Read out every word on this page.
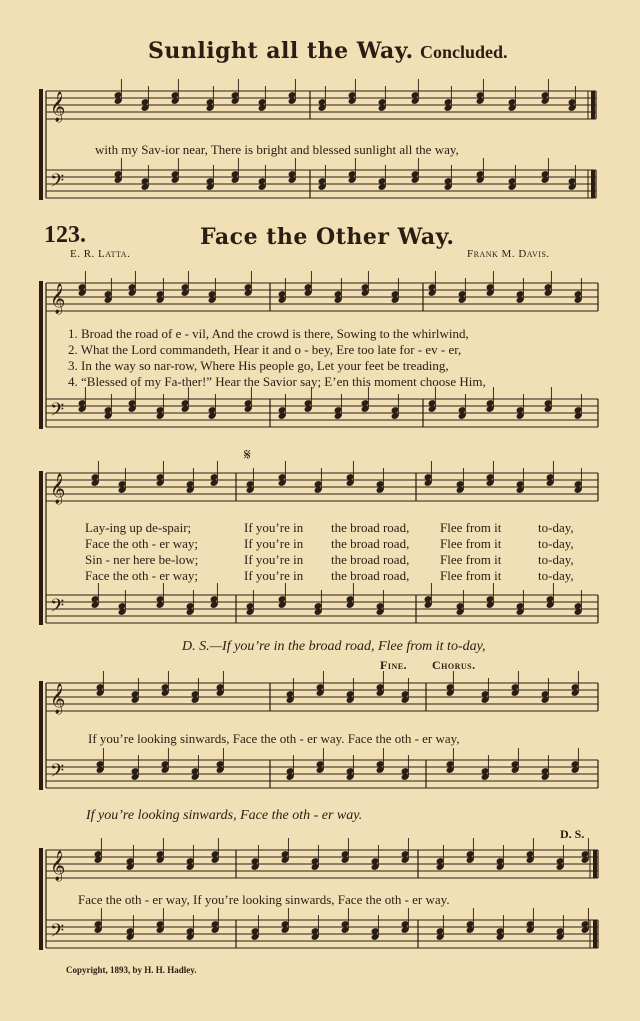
𝄞
𝄢
𝄞
𝄢
𝄞
𝄢
𝄞
𝄢
𝄞
𝄢
𝄋
Sunlight all the Way. Concluded.
with my Sav-ior near, There is bright and blessed sunlight all the way,
123.	Face the Other Way.
E. R. Latta.	Frank M. Davis.
1. Broad the road of e - vil, And the crowd is there, Sowing to the whirlwind,
2. What the Lord commandeth, Hear it and o - bey, Ere too late for - ev - er,
3. In the way so nar-row, Where His people go, Let your feet be treading,
4. “Blessed of my Fa-ther!” Hear the Savior say; E’en this moment choose Him,
Lay-ing up de-spair;	If you’re in the broad road, Flee from it	to-day,
Face the oth - er way;	If you’re in the broad road, Flee from it	to-day,
Sin - ner here be-low;	If you’re in the broad road, Flee from it	to-day,
Face the oth - er way;	If you’re in the broad road, Flee from it	to-day,
D. S.—If you’re in the broad road, Flee from it to-day,
Fine. Chorus.
If you’re looking sinwards, Face the oth - er way. Face the oth - er way,
If you’re looking sinwards, Face the oth - er way.
D. S.
Face the oth - er way, If you’re looking sinwards, Face the oth - er way.
Copyright, 1893, by H. H. Hadley.
